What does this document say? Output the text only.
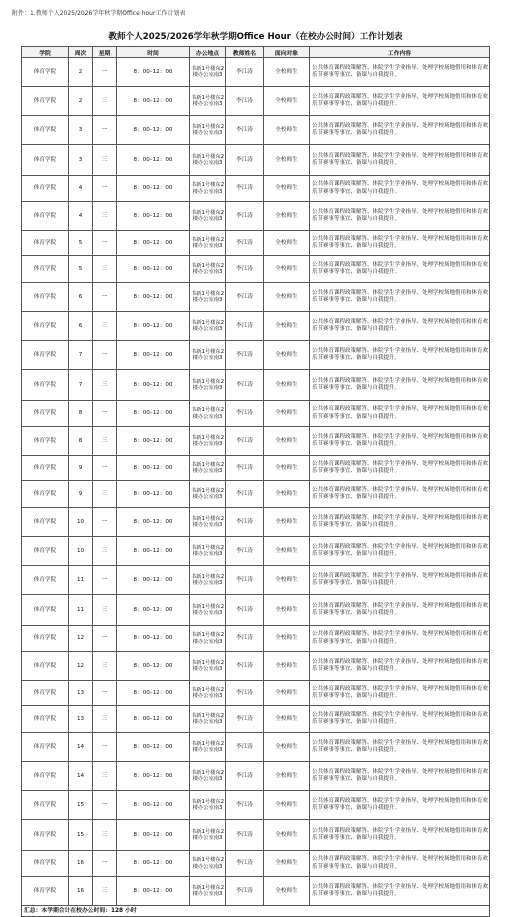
附件：1.教师个人2025/2026学年秋学期Office hour工作计划表
教师个人2025/2026学年秋学期Office Hour（在校办公时间）工作计划表
学院	周次	星期	时间	办公地点	教师姓名	面向对象	工作内容
体育学院	2	一	8：00–12：00	书新1号楼东2楼办公室南3	李江涛	全校师生	公共体育课程政策解答、体院学生学业指导、处理学校场地借用和体育欢乐节赛事等事宜、备课与自我提升。
体育学院	2	三	8：00–12：00	书新1号楼东2楼办公室南3	李江涛	全校师生	公共体育课程政策解答、体院学生学业指导、处理学校场地借用和体育欢乐节赛事等事宜、备课与自我提升。
体育学院	3	一	8：00–12：00	书新1号楼东2楼办公室南3	李江涛	全校师生	公共体育课程政策解答、体院学生学业指导、处理学校场地借用和体育欢乐节赛事等事宜、备课与自我提升。
体育学院	3	三	8：00–12：00	书新1号楼东2楼办公室南3	李江涛	全校师生	公共体育课程政策解答、体院学生学业指导、处理学校场地借用和体育欢乐节赛事等事宜、备课与自我提升。
体育学院	4	一	8：00–12：00	书新1号楼东2楼办公室南3	李江涛	全校师生	公共体育课程政策解答、体院学生学业指导、处理学校场地借用和体育欢乐节赛事等事宜、备课与自我提升。
体育学院	4	三	8：00–12：00	书新1号楼东2楼办公室南3	李江涛	全校师生	公共体育课程政策解答、体院学生学业指导、处理学校场地借用和体育欢乐节赛事等事宜、备课与自我提升。
体育学院	5	一	8：00–12：00	书新1号楼东2楼办公室南3	李江涛	全校师生	公共体育课程政策解答、体院学生学业指导、处理学校场地借用和体育欢乐节赛事等事宜、备课与自我提升。
体育学院	5	三	8：00–12：00	书新1号楼东2楼办公室南3	李江涛	全校师生	公共体育课程政策解答、体院学生学业指导、处理学校场地借用和体育欢乐节赛事等事宜、备课与自我提升。
体育学院	6	一	8：00–12：00	书新1号楼东2楼办公室南3	李江涛	全校师生	公共体育课程政策解答、体院学生学业指导、处理学校场地借用和体育欢乐节赛事等事宜、备课与自我提升。
体育学院	6	三	8：00–12：00	书新1号楼东2楼办公室南3	李江涛	全校师生	公共体育课程政策解答、体院学生学业指导、处理学校场地借用和体育欢乐节赛事等事宜、备课与自我提升。
体育学院	7	一	8：00–12：00	书新1号楼东2楼办公室南3	李江涛	全校师生	公共体育课程政策解答、体院学生学业指导、处理学校场地借用和体育欢乐节赛事等事宜、备课与自我提升。
体育学院	7	三	8：00–12：00	书新1号楼东2楼办公室南3	李江涛	全校师生	公共体育课程政策解答、体院学生学业指导、处理学校场地借用和体育欢乐节赛事等事宜、备课与自我提升。
体育学院	8	一	8：00–12：00	书新1号楼东2楼办公室南3	李江涛	全校师生	公共体育课程政策解答、体院学生学业指导、处理学校场地借用和体育欢乐节赛事等事宜、备课与自我提升。
体育学院	8	三	8：00–12：00	书新1号楼东2楼办公室南3	李江涛	全校师生	公共体育课程政策解答、体院学生学业指导、处理学校场地借用和体育欢乐节赛事等事宜、备课与自我提升。
体育学院	9	一	8：00–12：00	书新1号楼东2楼办公室南3	李江涛	全校师生	公共体育课程政策解答、体院学生学业指导、处理学校场地借用和体育欢乐节赛事等事宜、备课与自我提升。
体育学院	9	三	8：00–12：00	书新1号楼东2楼办公室南3	李江涛	全校师生	公共体育课程政策解答、体院学生学业指导、处理学校场地借用和体育欢乐节赛事等事宜、备课与自我提升。
体育学院	10	一	8：00–12：00	书新1号楼东2楼办公室南3	李江涛	全校师生	公共体育课程政策解答、体院学生学业指导、处理学校场地借用和体育欢乐节赛事等事宜、备课与自我提升。
体育学院	10	三	8：00–12：00	书新1号楼东2楼办公室南3	李江涛	全校师生	公共体育课程政策解答、体院学生学业指导、处理学校场地借用和体育欢乐节赛事等事宜、备课与自我提升。
体育学院	11	一	8：00–12：00	书新1号楼东2楼办公室南3	李江涛	全校师生	公共体育课程政策解答、体院学生学业指导、处理学校场地借用和体育欢乐节赛事等事宜、备课与自我提升。
体育学院	11	三	8：00–12：00	书新1号楼东2楼办公室南3	李江涛	全校师生	公共体育课程政策解答、体院学生学业指导、处理学校场地借用和体育欢乐节赛事等事宜、备课与自我提升。
体育学院	12	一	8：00–12：00	书新1号楼东2楼办公室南3	李江涛	全校师生	公共体育课程政策解答、体院学生学业指导、处理学校场地借用和体育欢乐节赛事等事宜、备课与自我提升。
体育学院	12	三	8：00–12：00	书新1号楼东2楼办公室南3	李江涛	全校师生	公共体育课程政策解答、体院学生学业指导、处理学校场地借用和体育欢乐节赛事等事宜、备课与自我提升。
体育学院	13	一	8：00–12：00	书新1号楼东2楼办公室南3	李江涛	全校师生	公共体育课程政策解答、体院学生学业指导、处理学校场地借用和体育欢乐节赛事等事宜、备课与自我提升。
体育学院	13	三	8：00–12：00	书新1号楼东2楼办公室南3	李江涛	全校师生	公共体育课程政策解答、体院学生学业指导、处理学校场地借用和体育欢乐节赛事等事宜、备课与自我提升。
体育学院	14	一	8：00–12：00	书新1号楼东2楼办公室南3	李江涛	全校师生	公共体育课程政策解答、体院学生学业指导、处理学校场地借用和体育欢乐节赛事等事宜、备课与自我提升。
体育学院	14	三	8：00–12：00	书新1号楼东2楼办公室南3	李江涛	全校师生	公共体育课程政策解答、体院学生学业指导、处理学校场地借用和体育欢乐节赛事等事宜、备课与自我提升。
体育学院	15	一	8：00–12：00	书新1号楼东2楼办公室南3	李江涛	全校师生	公共体育课程政策解答、体院学生学业指导、处理学校场地借用和体育欢乐节赛事等事宜、备课与自我提升。
体育学院	15	三	8：00–12：00	书新1号楼东2楼办公室南3	李江涛	全校师生	公共体育课程政策解答、体院学生学业指导、处理学校场地借用和体育欢乐节赛事等事宜、备课与自我提升。
体育学院	16	一	8：00–12：00	书新1号楼东2楼办公室南3	李江涛	全校师生	公共体育课程政策解答、体院学生学业指导、处理学校场地借用和体育欢乐节赛事等事宜、备课与自我提升。
体育学院	16	三	8：00–12：00	书新1号楼东2楼办公室南3	李江涛	全校师生	公共体育课程政策解答、体院学生学业指导、处理学校场地借用和体育欢乐节赛事等事宜、备课与自我提升。
汇总：本学期合计在校办公时间：128 小时							
